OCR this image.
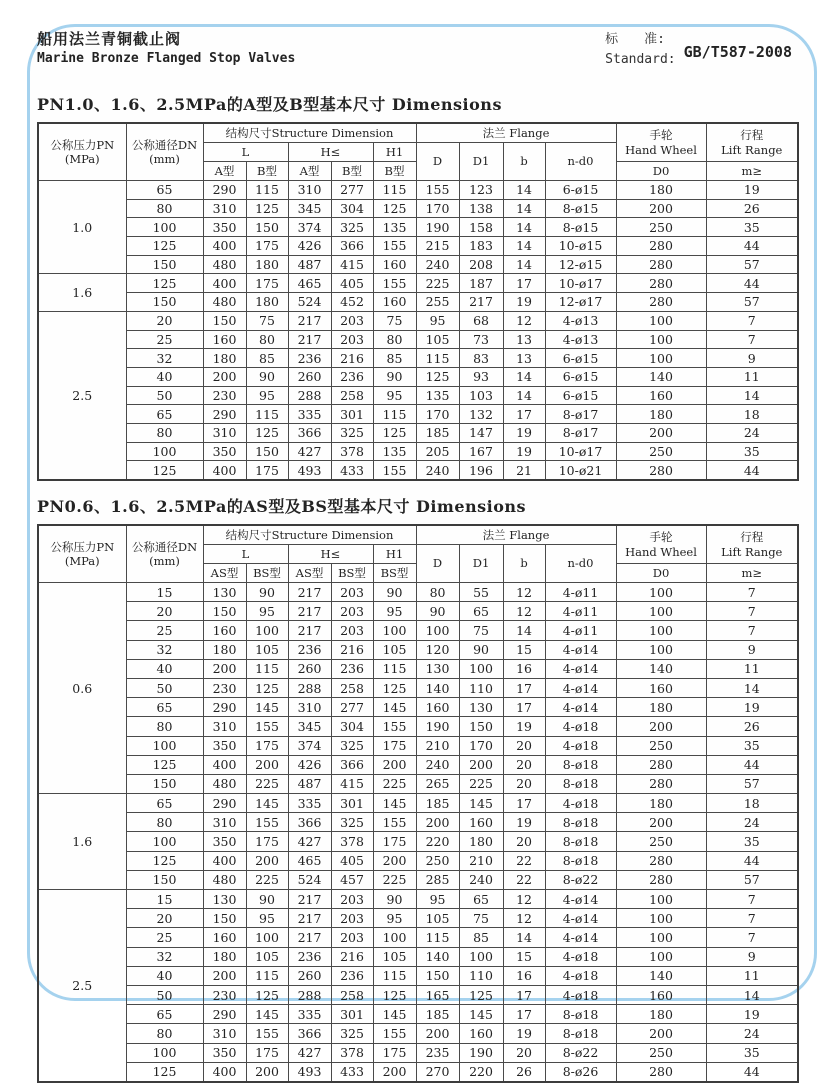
船用法兰青铜截止阀
Marine Bronze Flanged Stop Valves
标　　准:
Standard: GB/T587-2008
PN1.0、1.6、2.5MPa的A型及B型基本尺寸 Dimensions
公称压力PN
(MPa)

公称通径DN
(mm)
	结构尺寸Structure Dimension	法兰 Flange	手轮
Hand Wheel

行程
Lift Range

		L		H≤		H1	D	D1	b	n-d0		
		A型	B型	A型	B型	B型					D0	m≥
1.0	65	290	115	310	277	115	155	123	14	6-ø15	180	19
	80	310	125	345	304	125	170	138	14	8-ø15	200	26
	100	350	150	374	325	135	190	158	14	8-ø15	250	35
	125	400	175	426	366	155	215	183	14	10-ø15	280	44
	150	480	180	487	415	160	240	208	14	12-ø15	280	57
1.6	125	400	175	465	405	155	225	187	17	10-ø17	280	44
	150	480	180	524	452	160	255	217	19	12-ø17	280	57
2.5	20	150	75	217	203	75	95	68	12	4-ø13	100	7
	25	160	80	217	203	80	105	73	13	4-ø13	100	7
	32	180	85	236	216	85	115	83	13	6-ø15	100	9
	40	200	90	260	236	90	125	93	14	6-ø15	140	11
	50	230	95	288	258	95	135	103	14	6-ø15	160	14
	65	290	115	335	301	115	170	132	17	8-ø17	180	18
	80	310	125	366	325	125	185	147	19	8-ø17	200	24
	100	350	150	427	378	135	205	167	19	10-ø17	250	35
	125	400	175	493	433	155	240	196	21	10-ø21	280	44
PN0.6、1.6、2.5MPa的AS型及BS型基本尺寸 Dimensions
公称压力PN
(MPa)

公称通径DN
(mm)
	结构尺寸Structure Dimension	法兰 Flange	手轮
Hand Wheel

行程
Lift Range

		L		H≤		H1	D	D1	b	n-d0		
		AS型	BS型	AS型	BS型	BS型					D0	m≥
0.6	15	130	90	217	203	90	80	55	12	4-ø11	100	7
	20	150	95	217	203	95	90	65	12	4-ø11	100	7
	25	160	100	217	203	100	100	75	14	4-ø11	100	7
	32	180	105	236	216	105	120	90	15	4-ø14	100	9
	40	200	115	260	236	115	130	100	16	4-ø14	140	11
	50	230	125	288	258	125	140	110	17	4-ø14	160	14
	65	290	145	310	277	145	160	130	17	4-ø14	180	19
	80	310	155	345	304	155	190	150	19	4-ø18	200	26
	100	350	175	374	325	175	210	170	20	4-ø18	250	35
	125	400	200	426	366	200	240	200	20	8-ø18	280	44
	150	480	225	487	415	225	265	225	20	8-ø18	280	57
1.6	65	290	145	335	301	145	185	145	17	4-ø18	180	18
	80	310	155	366	325	155	200	160	19	8-ø18	200	24
	100	350	175	427	378	175	220	180	20	8-ø18	250	35
	125	400	200	465	405	200	250	210	22	8-ø18	280	44
	150	480	225	524	457	225	285	240	22	8-ø22	280	57
2.5	15	130	90	217	203	90	95	65	12	4-ø14	100	7
	20	150	95	217	203	95	105	75	12	4-ø14	100	7
	25	160	100	217	203	100	115	85	14	4-ø14	100	7
	32	180	105	236	216	105	140	100	15	4-ø18	100	9
	40	200	115	260	236	115	150	110	16	4-ø18	140	11
	50	230	125	288	258	125	165	125	17	4-ø18	160	14
	65	290	145	335	301	145	185	145	17	8-ø18	180	19
	80	310	155	366	325	155	200	160	19	8-ø18	200	24
	100	350	175	427	378	175	235	190	20	8-ø22	250	35
	125	400	200	493	433	200	270	220	26	8-ø26	280	44
